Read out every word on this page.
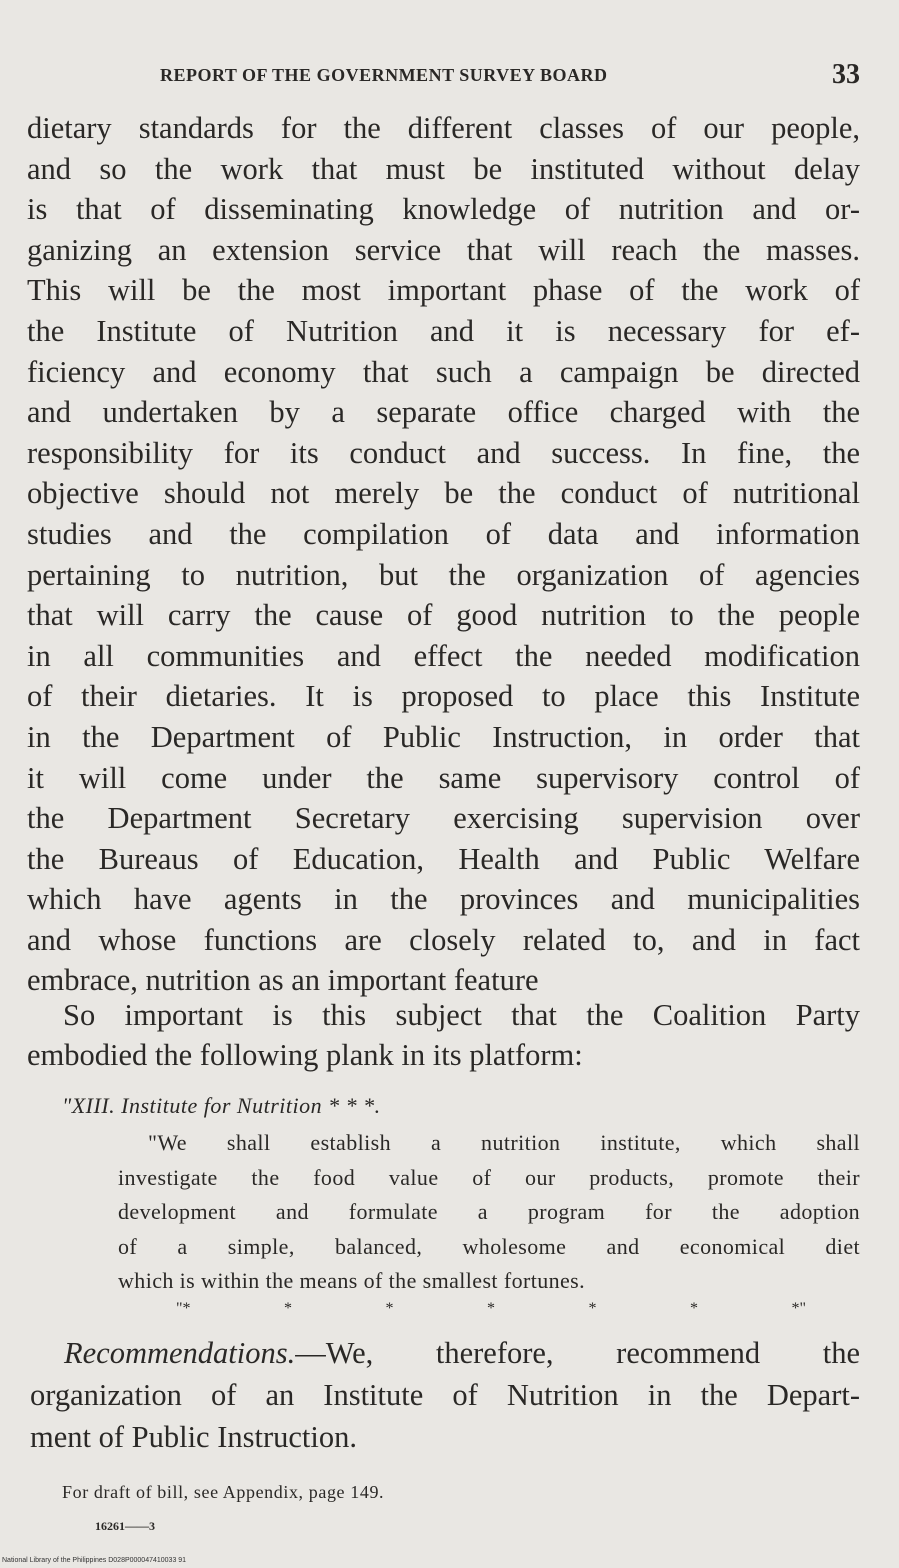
REPORT OF THE GOVERNMENT SURVEY BOARD	33
dietary standards for the different classes of our people,
and so the work that must be instituted without delay
is that of disseminating knowledge of nutrition and or-
ganizing an extension service that will reach the masses.
This will be the most important phase of the work of
the Institute of Nutrition and it is necessary for ef-
ficiency and economy that such a campaign be directed
and undertaken by a separate office charged with the
responsibility for its conduct and success. In fine, the
objective should not merely be the conduct of nutritional
studies and the compilation of data and information
pertaining to nutrition, but the organization of agencies
that will carry the cause of good nutrition to the people
in all communities and effect the needed modification
of their dietaries. It is proposed to place this Institute
in the Department of Public Instruction, in order that
it will come under the same supervisory control of
the Department Secretary exercising supervision over
the Bureaus of Education, Health and Public Welfare
which have agents in the provinces and municipalities
and whose functions are closely related to, and in fact
embrace, nutrition as an important feature
So important is this subject that the Coalition Party
embodied the following plank in its platform:
"XIII. Institute for Nutrition * * *.
"We shall establish a nutrition institute, which shall
investigate the food value of our products, promote their
development and formulate a program for the adoption
of a simple, balanced, wholesome and economical diet
which is within the means of the smallest fortunes.
"*	*	*	*	*	*	*"
Recommendations.—We, therefore, recommend the
organization of an Institute of Nutrition in the Depart-
ment of Public Instruction.
For draft of bill, see Appendix, page 149.
16261——3
National Library of the Philippines D028P000047410033 91
